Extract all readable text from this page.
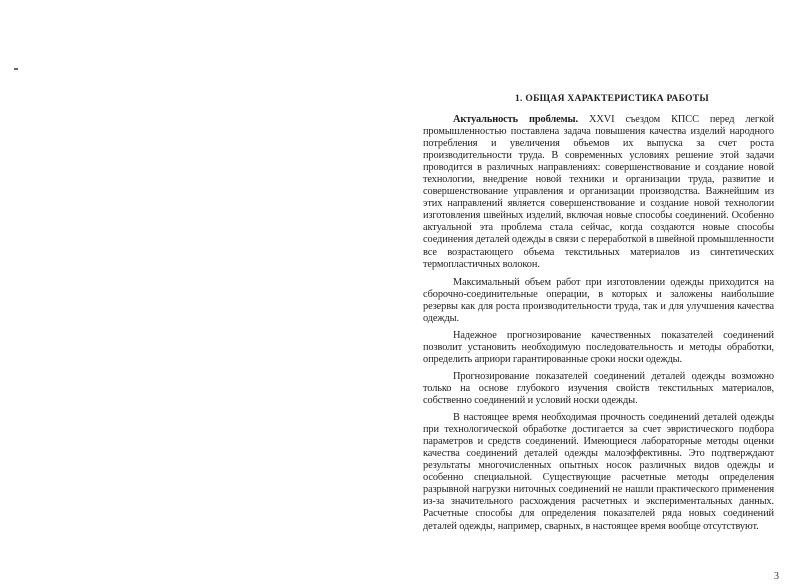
1. ОБЩАЯ ХАРАКТЕРИСТИКА РАБОТЫ

Актуальность проблемы. XXVI съездом КПСС перед легкой промышленностью поставлена задача повышения качества изделий народного потребления и увеличения объемов их выпуска за счет роста производительности труда. В современных условиях решение этой задачи проводится в различных направлениях: совершенствование и создание новой технологии, внедрение новой техники и организации труда, развитие и совершенствование управления и организации производства. Важнейшим из этих направлений является совершенствование и создание новой технологии изготовления швейных изделий, включая новые способы соединений. Особенно актуальной эта проблема стала сейчас, когда создаются новые способы соединения деталей одежды в связи с переработкой в швейной промышленности все возрастающего объема текстильных материалов из синтетических термопластичных волокон.

Максимальный объем работ при изготовлении одежды приходится на сборочно-соединительные операции, в которых и заложены наибольшие резервы как для роста производительности труда, так и для улучшения качества одежды.

Надежное прогнозирование качественных показателей соединений позволит установить необходимую последовательность и методы обработки, определить априори гарантированные сроки носки одежды.

Прогнозирование показателей соединений деталей одежды возможно только на основе глубокого изучения свойств текстильных материалов, собственно соединений и условий носки одежды.

В настоящее время необходимая прочность соединений деталей одежды при технологической обработке достигается за счет эвристического подбора параметров и средств соединений. Имеющиеся лабораторные методы оценки качества соединений деталей одежды малоэффективны. Это подтверждают результаты многочисленных опытных носок различных видов одежды и особенно специальной. Существующие расчетные методы определения разрывной нагрузки ниточных соединений не нашли практического применения из-за значительного расхождения расчетных и экспериментальных данных. Расчетные способы для определения показателей ряда новых соединений деталей одежды, например, сварных, в настоящее время вообще отсутствуют.

3
